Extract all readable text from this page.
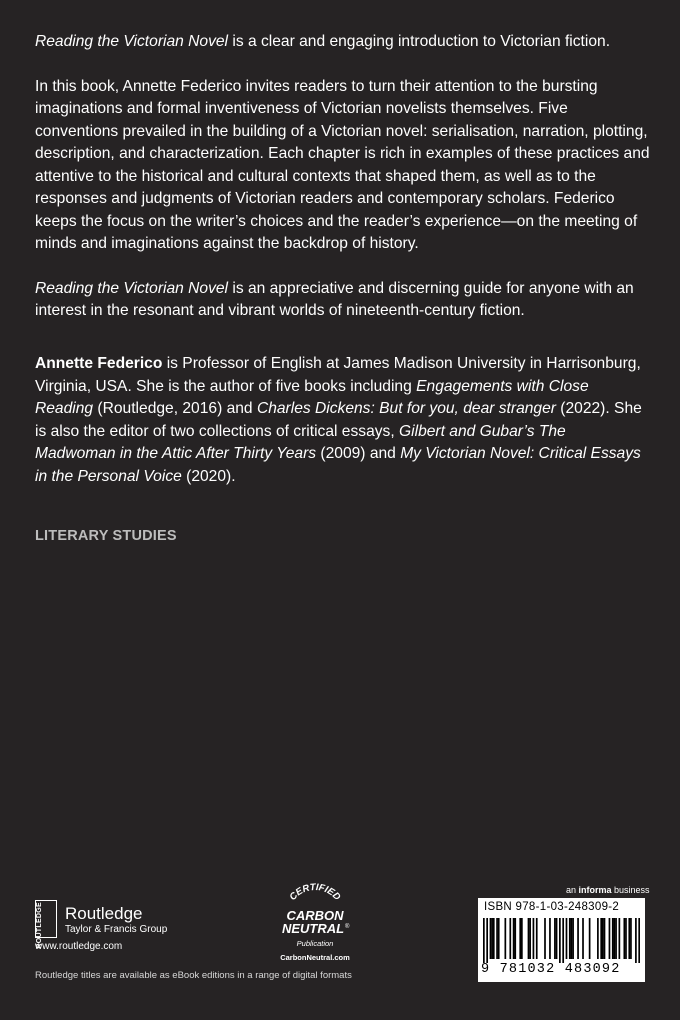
Reading the Victorian Novel is a clear and engaging introduction to Victorian fiction.

In this book, Annette Federico invites readers to turn their attention to the bursting imaginations and formal inventiveness of Victorian novelists themselves. Five conventions prevailed in the building of a Victorian novel: serialisation, narration, plotting, description, and characterization. Each chapter is rich in examples of these practices and attentive to the historical and cultural contexts that shaped them, as well as to the responses and judgments of Victorian readers and contemporary scholars. Federico keeps the focus on the writer’s choices and the reader’s experience—on the meeting of minds and imaginations against the backdrop of history.

Reading the Victorian Novel is an appreciative and discerning guide for anyone with an interest in the resonant and vibrant worlds of nineteenth-century fiction.

Annette Federico is Professor of English at James Madison University in Harrisonburg, Virginia, USA. She is the author of five books including Engagements with Close Reading (Routledge, 2016) and Charles Dickens: But for you, dear stranger (2022). She is also the editor of two collections of critical essays, Gilbert and Gubar’s The Madwoman in the Attic After Thirty Years (2009) and My Victorian Novel: Critical Essays in the Personal Voice (2020).

LITERARY STUDIES
ROUTLEDGE Routledge
Taylor & Francis Group
www.routledge.com
CERTIFIED
CARBON
NEUTRAL ®
Publication
CarbonNeutral.com
Routledge titles are available as eBook editions in a range of digital formats
an informa business
ISBN 978-1-03-248309-2
9 781032 483092
